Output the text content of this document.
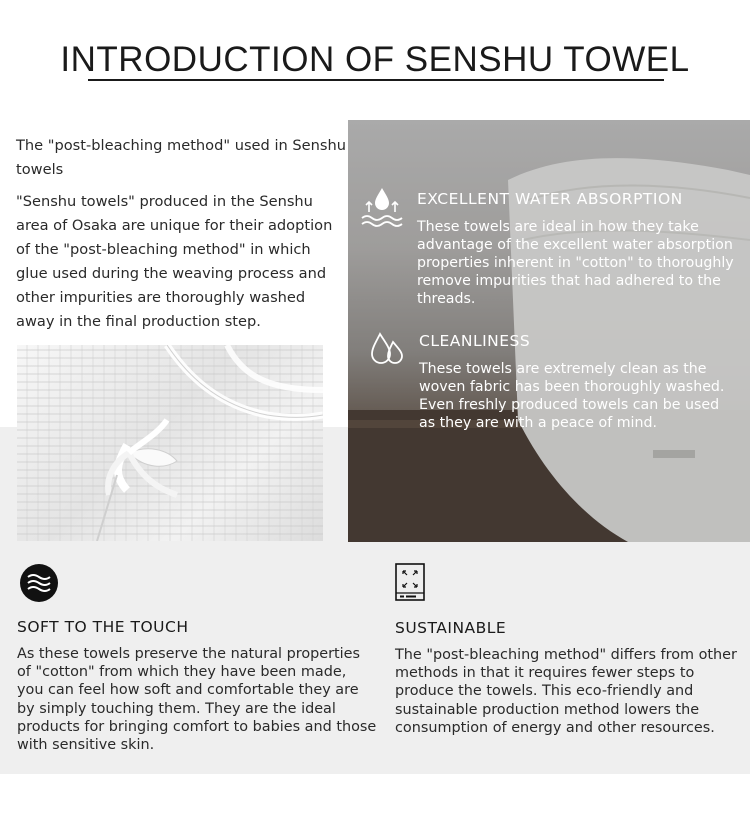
INTRODUCTION OF SENSHU TOWEL

The "post-bleaching method" used in Senshu towels

"Senshu towels" produced in the Senshu area of Osaka are unique for their adoption of the "post-bleaching method" in which glue used during the weaving process and other impurities are thoroughly washed away in the final production step.

EXCELLENT WATER ABSORPTION
These towels are ideal in how they take advantage of the excellent water absorption properties inherent in "cotton" to thoroughly remove impurities that had adhered to the threads.
CLEANLINESS
These towels are extremely clean as the woven fabric has been thoroughly washed. Even freshly produced towels can be used as they are with a peace of mind.
SOFT TO THE TOUCH
As these towels preserve the natural properties of "cotton" from which they have been made, you can feel how soft and comfortable they are by simply touching them. They are the ideal products for bringing comfort to babies and those with sensitive skin.
SUSTAINABLE
The "post-bleaching method" differs from other methods in that it requires fewer steps to produce the towels. This eco-friendly and sustainable production method lowers the consumption of energy and other resources.
